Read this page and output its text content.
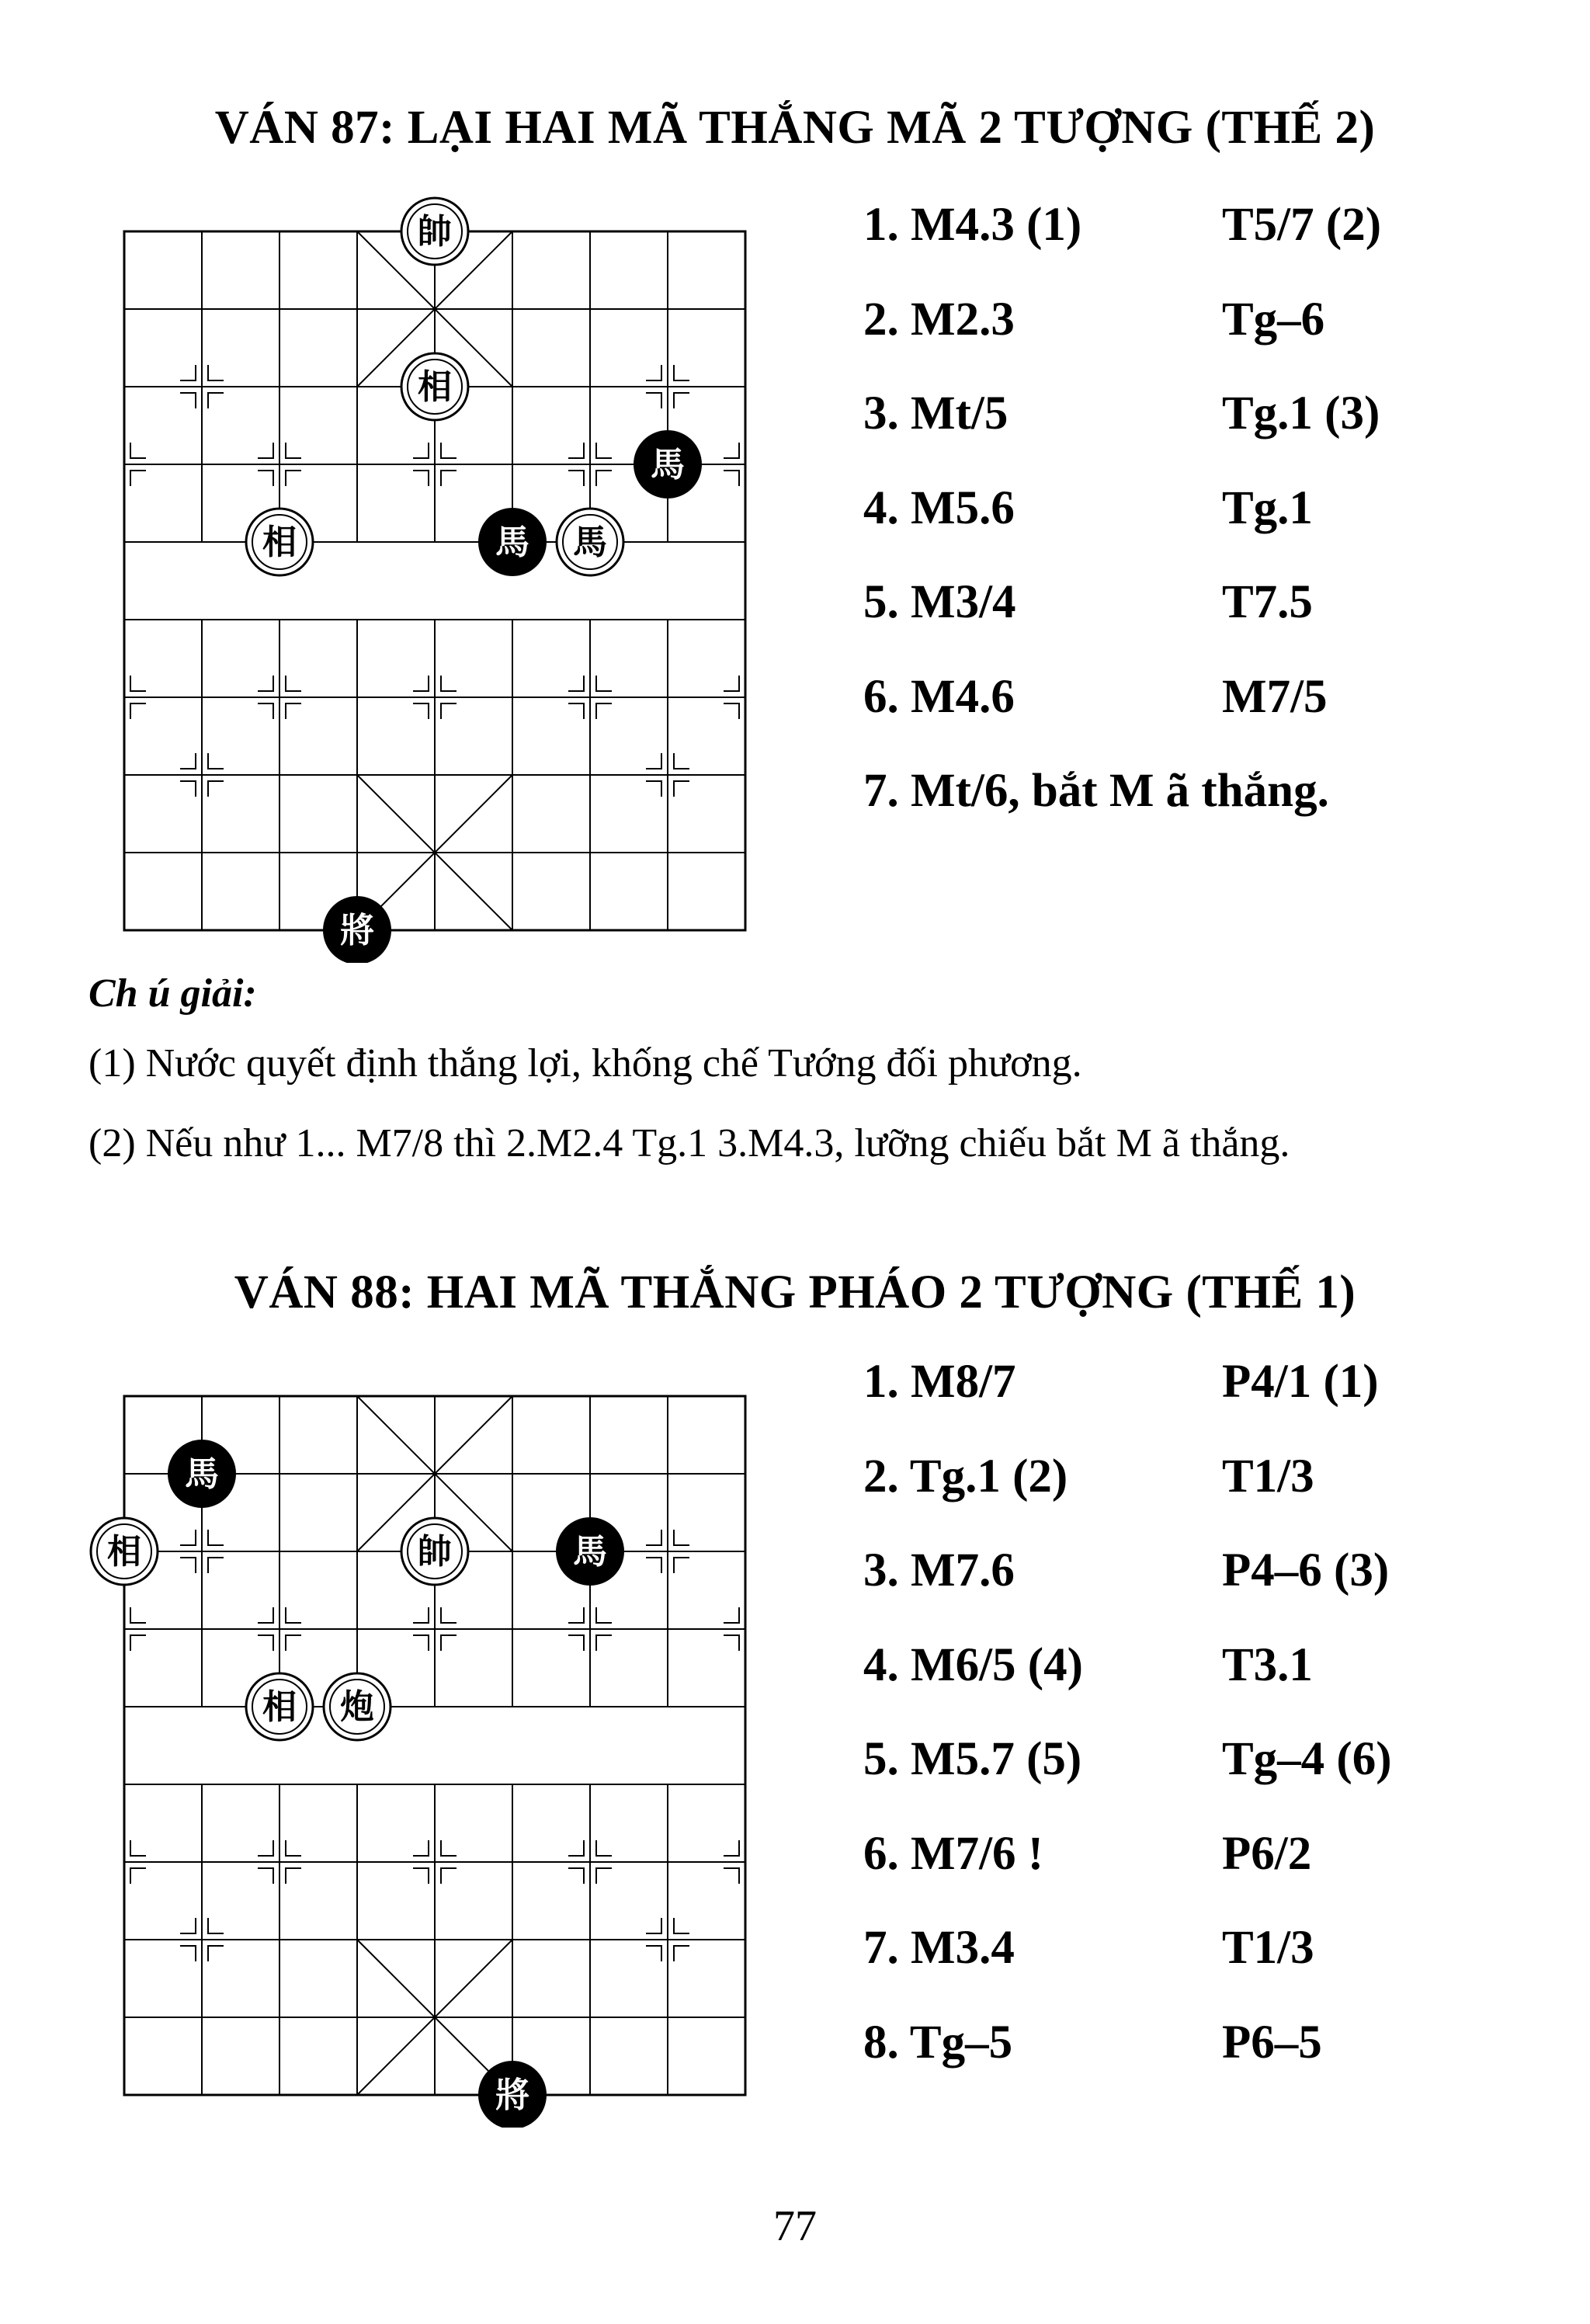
VÁN 87: LẠI HAI MÃ THẮNG MÃ 2 TƯỢNG (THẾ 2)
帥
相
相
馬
馬 馬
將
1. M4.3 (1)	T5/7 (2)
2. M2.3	Tg–6
3. Mt/5	Tg.1 (3)
4. M5.6	Tg.1
5. M3/4	T7.5
6. M4.6	M7/5
7. Mt/6, bắt M ã thắng.
Ch ú giải:
(1) Nước quyết định thắng lợi, khống chế Tướng đối phương.
(2) Nếu như 1... M7/8 thì 2.M2.4 Tg.1 3.M4.3, lưỡng chiếu bắt M ã thắng.
VÁN 88: HAI MÃ THẮNG PHÁO 2 TƯỢNG (THẾ 1)
馬
相	帥	馬
相 炮
將
1. M8/7	P4/1 (1)
2. Tg.1 (2)	T1/3
3. M7.6	P4–6 (3)
4. M6/5 (4)	T3.1
5. M5.7 (5)	Tg–4 (6)
6. M7/6 !	P6/2
7. M3.4	T1/3
8. Tg–5	P6–5
77
